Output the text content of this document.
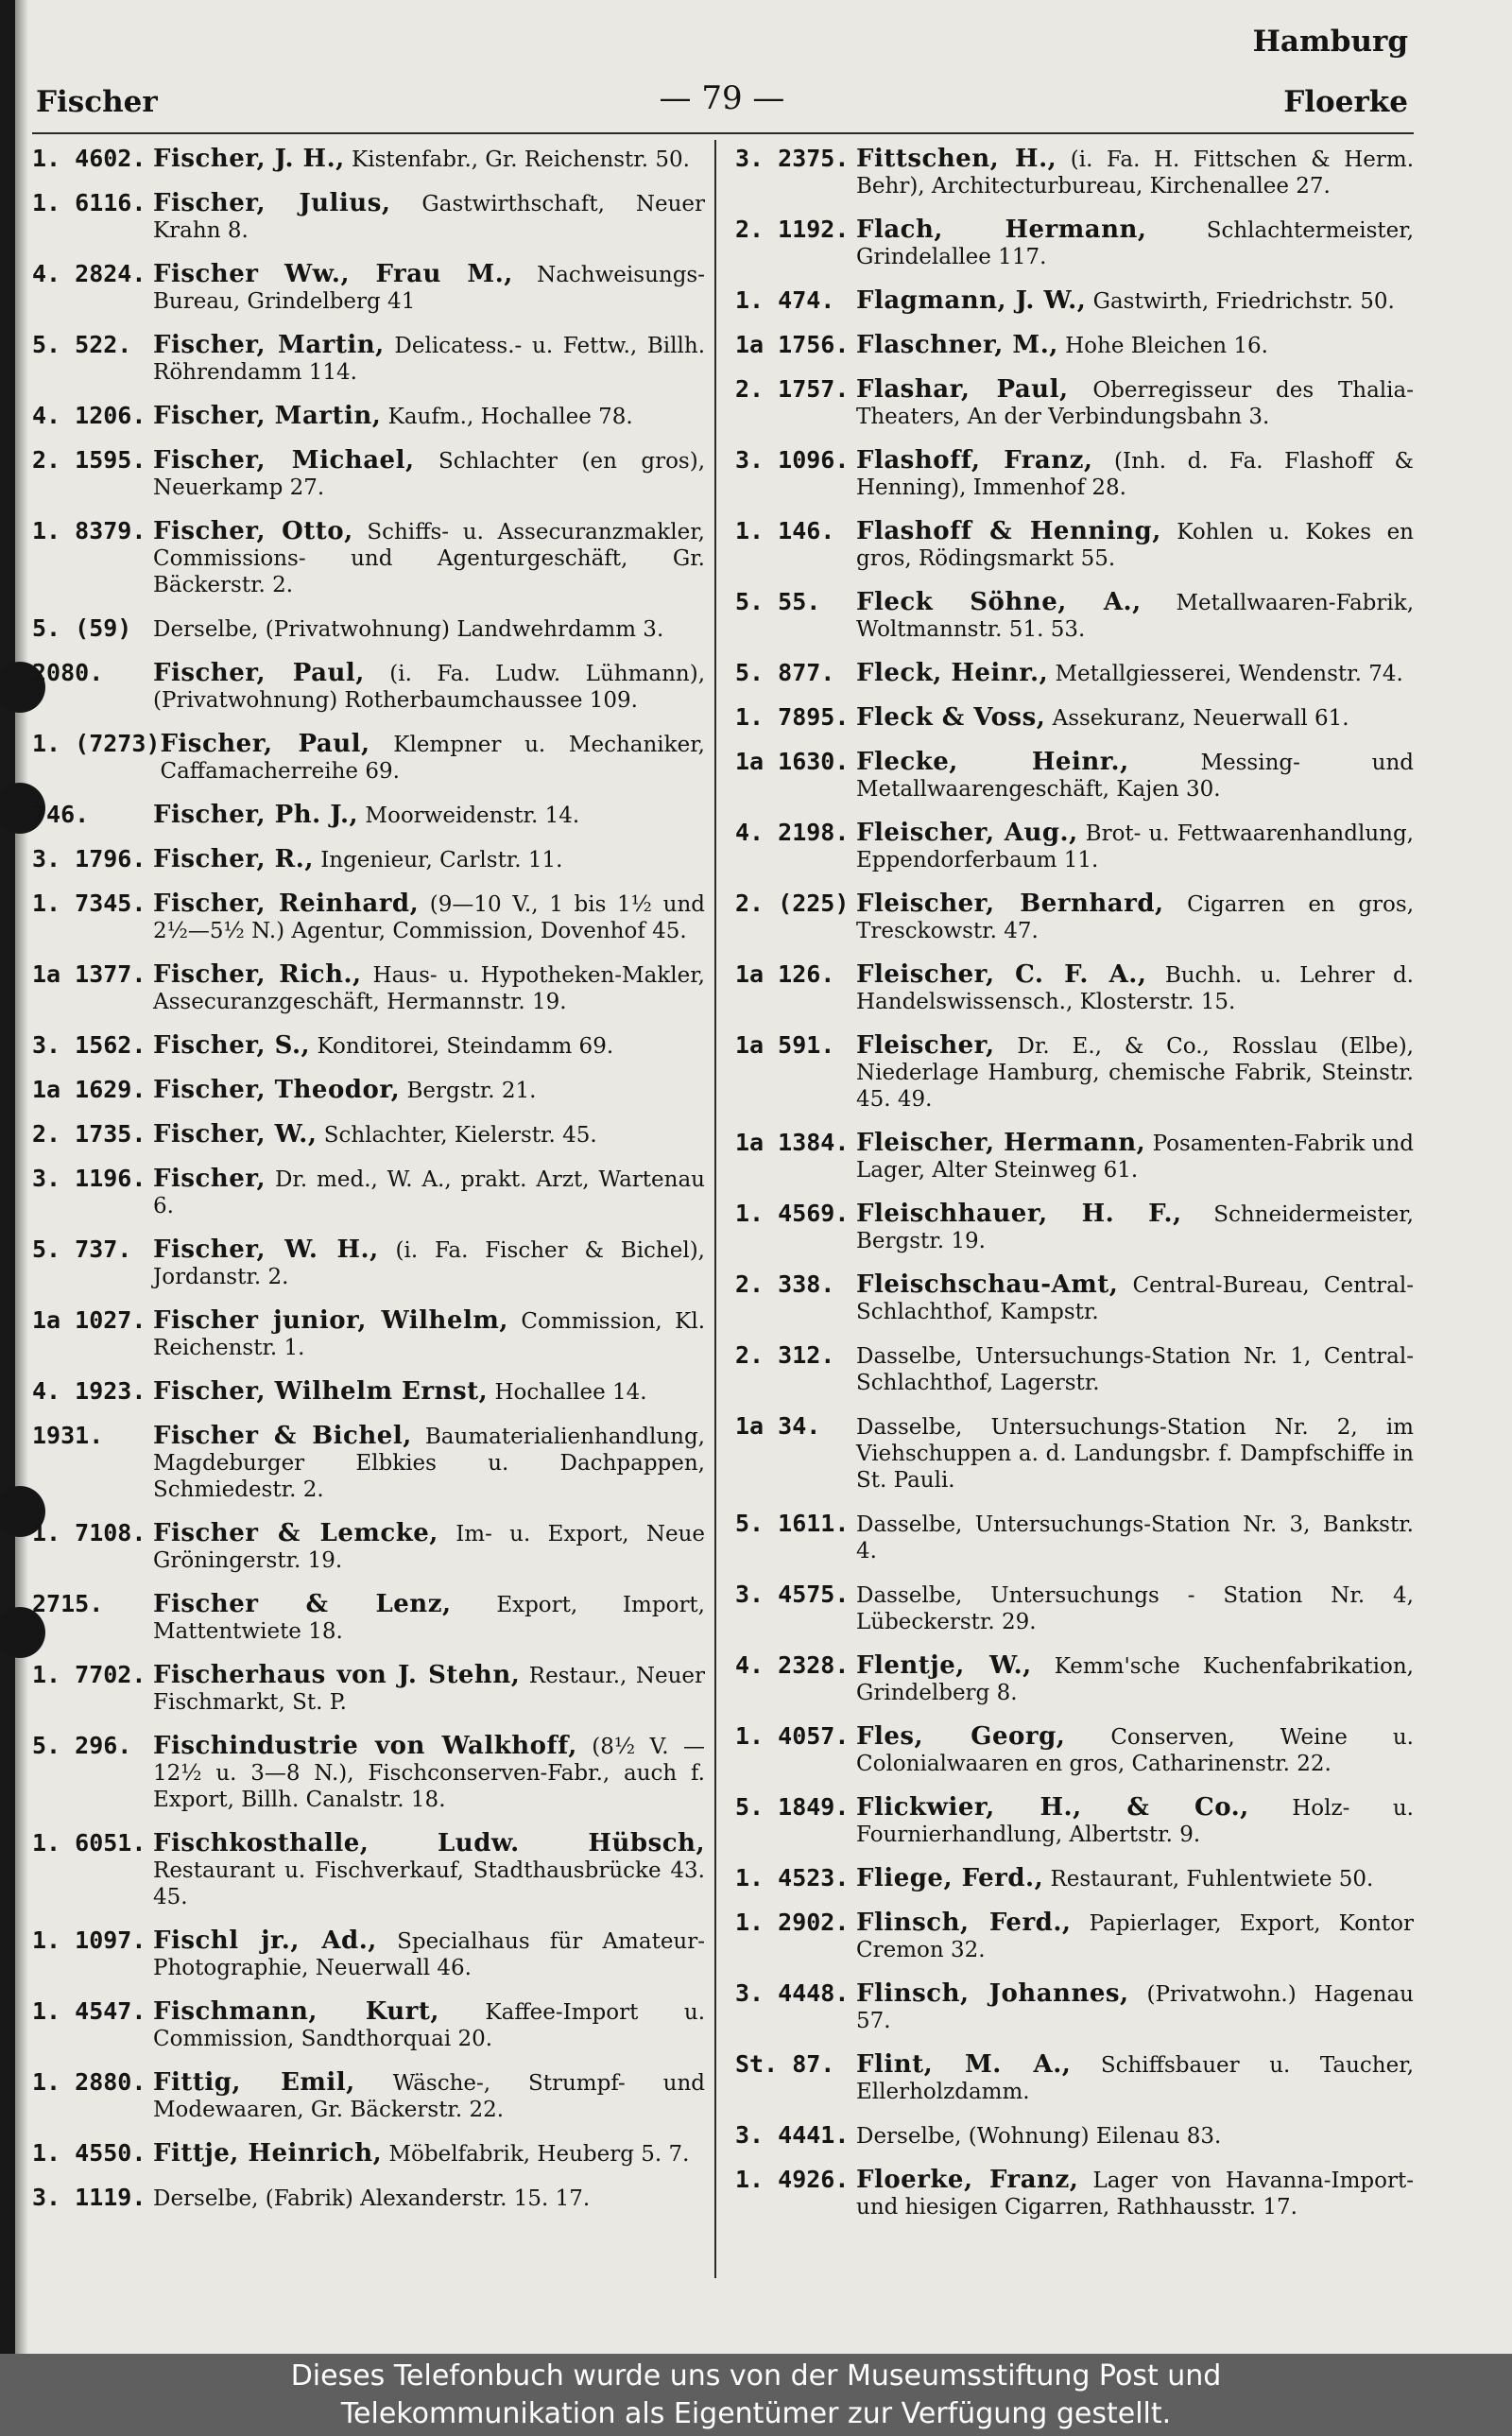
Hamburg
— 79 —
Fischer	Floerke
1. 4602. Fischer, J. H., Kistenfabr., Gr. Reichenstr. 50.
1. 6116. Fischer, Julius, Gastwirthschaft, Neuer Krahn 8.
4. 2824. Fischer Ww., Frau M., Nachweisungs-Bureau, Grindelberg 41
5. 522. Fischer, Martin, Delicatess.- u. Fettw., Billh. Röhrendamm 114.
4. 1206. Fischer, Martin, Kaufm., Hochallee 78.
2. 1595. Fischer, Michael, Schlachter (en gros), Neuerkamp 27.
1. 8379. Fischer, Otto, Schiffs- u. Assecuranzmakler, Commissions- und Agenturgeschäft, Gr. Bäckerstr. 2.
5. (59) Derselbe, (Privatwohnung) Landwehrdamm 3.
2080.	Fischer, Paul, (i. Fa. Ludw. Lühmann), (Privatwohnung) Rotherbaumchaussee 109.
1. (7273) Fischer, Paul, Klempner u. Mechaniker, Caffamacherreihe 69.
746.	Fischer, Ph. J., Moorweidenstr. 14.
3. 1796. Fischer, R., Ingenieur, Carlstr. 11.
1. 7345. Fischer, Reinhard, (9—10 V., 1 bis 1½ und 2½—5½ N.) Agentur, Commission, Dovenhof 45.
1a 1377. Fischer, Rich., Haus- u. Hypotheken-Makler, Assecuranzgeschäft, Hermannstr. 19.
3. 1562. Fischer, S., Konditorei, Steindamm 69.
1a 1629. Fischer, Theodor, Bergstr. 21.
2. 1735. Fischer, W., Schlachter, Kielerstr. 45.
3. 1196. Fischer, Dr. med., W. A., prakt. Arzt, Wartenau 6.
5. 737. Fischer, W. H., (i. Fa. Fischer & Bichel), Jordanstr. 2.
1a 1027. Fischer junior, Wilhelm, Commission, Kl. Reichenstr. 1.
4. 1923. Fischer, Wilhelm Ernst, Hochallee 14.
1931.	Fischer & Bichel, Baumaterialienhandlung, Magdeburger Elbkies u. Dachpappen, Schmiedestr. 2.
1. 7108. Fischer & Lemcke, Im- u. Export, Neue Gröningerstr. 19.
2715.	Fischer & Lenz, Export, Import, Mattentwiete 18.
1. 7702. Fischerhaus von J. Stehn, Restaur., Neuer Fischmarkt, St. P.
5. 296. Fischindustrie von Walkhoff, (8½ V. — 12½ u. 3—8 N.), Fischconserven-Fabr., auch f. Export, Billh. Canalstr. 18.
1. 6051. Fischkosthalle, Ludw. Hübsch, Restaurant u. Fischverkauf, Stadthausbrücke 43. 45.
1. 1097. Fischl jr., Ad., Specialhaus für Amateur-Photographie, Neuerwall 46.
1. 4547. Fischmann, Kurt, Kaffee-Import u. Commission, Sandthorquai 20.
1. 2880. Fittig, Emil, Wäsche-, Strumpf- und Modewaaren, Gr. Bäckerstr. 22.
1. 4550. Fittje, Heinrich, Möbelfabrik, Heuberg 5. 7.
3. 1119. Derselbe, (Fabrik) Alexanderstr. 15. 17.
3. 2375. Fittschen, H., (i. Fa. H. Fittschen & Herm. Behr), Architecturbureau, Kirchenallee 27.
2. 1192. Flach, Hermann,	Schlachtermeister, Grindelallee 117.
1. 474. Flagmann, J. W., Gastwirth, Friedrichstr. 50.
1a 1756. Flaschner, M., Hohe Bleichen 16.
2. 1757. Flashar, Paul, Oberregisseur des Thalia-Theaters, An der Verbindungsbahn 3.
3. 1096. Flashoff, Franz, (Inh. d. Fa. Flashoff & Henning), Immenhof 28.
1. 146. Flashoff & Henning, Kohlen u. Kokes en gros, Rödingsmarkt 55.
5. 55.	Fleck Söhne, A., Metallwaaren-Fabrik, Woltmannstr. 51. 53.
5. 877. Fleck, Heinr., Metallgiesserei, Wendenstr. 74.
1. 7895. Fleck & Voss, Assekuranz, Neuerwall 61.
1a 1630. Flecke, Heinr.,	Messing- und Metallwaarengeschäft, Kajen 30.
4. 2198. Fleischer, Aug., Brot- u. Fettwaarenhandlung, Eppendorferbaum 11.
2. (225) Fleischer, Bernhard, Cigarren en gros, Tresckowstr. 47.
1a 126. Fleischer, C. F. A., Buchh. u. Lehrer d. Handelswissensch., Klosterstr. 15.
1a 591. Fleischer, Dr. E., & Co., Rosslau (Elbe), Niederlage Hamburg, chemische Fabrik, Steinstr. 45. 49.
1a 1384. Fleischer, Hermann, Posamenten-Fabrik und Lager, Alter Steinweg 61.
1. 4569. Fleischhauer, H. F., Schneidermeister, Bergstr. 19.
2. 338. Fleischschau-Amt, Central-Bureau, Central-Schlachthof, Kampstr.
2. 312. Dasselbe, Untersuchungs-Station Nr. 1, Central-Schlachthof, Lagerstr.
1a 34.	Dasselbe, Untersuchungs-Station Nr. 2, im Viehschuppen a. d. Landungsbr. f. Dampfschiffe in St. Pauli.
5. 1611. Dasselbe, Untersuchungs-Station Nr. 3, Bankstr. 4.
3. 4575. Dasselbe, Untersuchungs - Station Nr. 4, Lübeckerstr. 29.
4. 2328. Flentje, W., Kemm'sche Kuchenfabrikation, Grindelberg 8.
1. 4057. Fles, Georg, Conserven, Weine u. Colonialwaaren en gros, Catharinenstr. 22.
5. 1849. Flickwier, H., & Co., Holz- u. Fournierhandlung, Albertstr. 9.
1. 4523. Fliege, Ferd., Restaurant, Fuhlentwiete 50.
1. 2902. Flinsch, Ferd., Papierlager, Export, Kontor Cremon 32.
3. 4448. Flinsch, Johannes, (Privatwohn.) Hagenau 57.
St. 87. Flint, M. A., Schiffsbauer u. Taucher, Ellerholzdamm.
3. 4441. Derselbe, (Wohnung) Eilenau 83.
1. 4926. Floerke, Franz, Lager von Havanna-Import- und hiesigen Cigarren, Rathhausstr. 17.
Dieses Telefonbuch wurde uns von der Museumsstiftung Post und
Telekommunikation als Eigentümer zur Verfügung gestellt.
